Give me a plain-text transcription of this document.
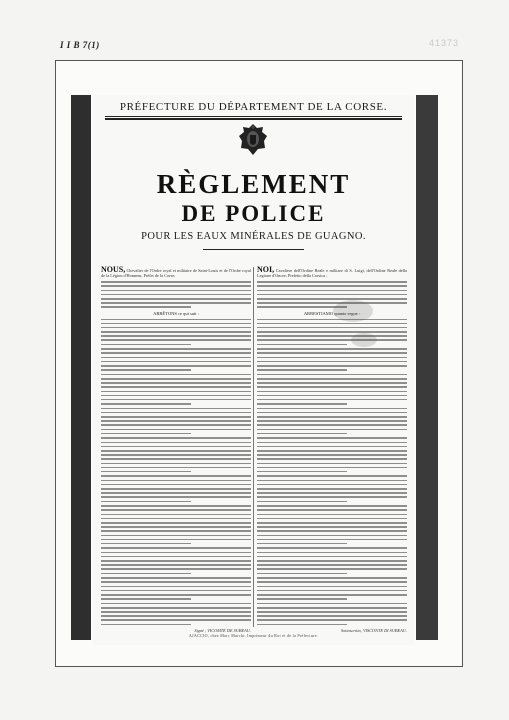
I I B 7(1)	41373
PRÉFECTURE DU DÉPARTEMENT DE LA CORSE.
RÈGLEMENT
DE POLICE
POUR LES EAUX MINÉRALES DE GUAGNO.

NOUS, Chevalier de l'Ordre royal et militaire de Saint-Louis et de l'Ordre royal de la Légion d'Honneur, Préfet de la Corse;

ARRÊTONS ce qui suit :
Signé , VICOMTE DE SUBEAU.

NOI, Cavaliere dell'Ordine Reale e militare di S. Luigi, dell'Ordine Reale della Legione d'Onore, Prefetto della Corsica ;

ARRESTIAMO quanto segue :
Sottoscritto, VISCONTE DI SUBEAU.
AJACCIO, chez Marc Marchi, Imprimeur du Roi et de la Préfecture.
